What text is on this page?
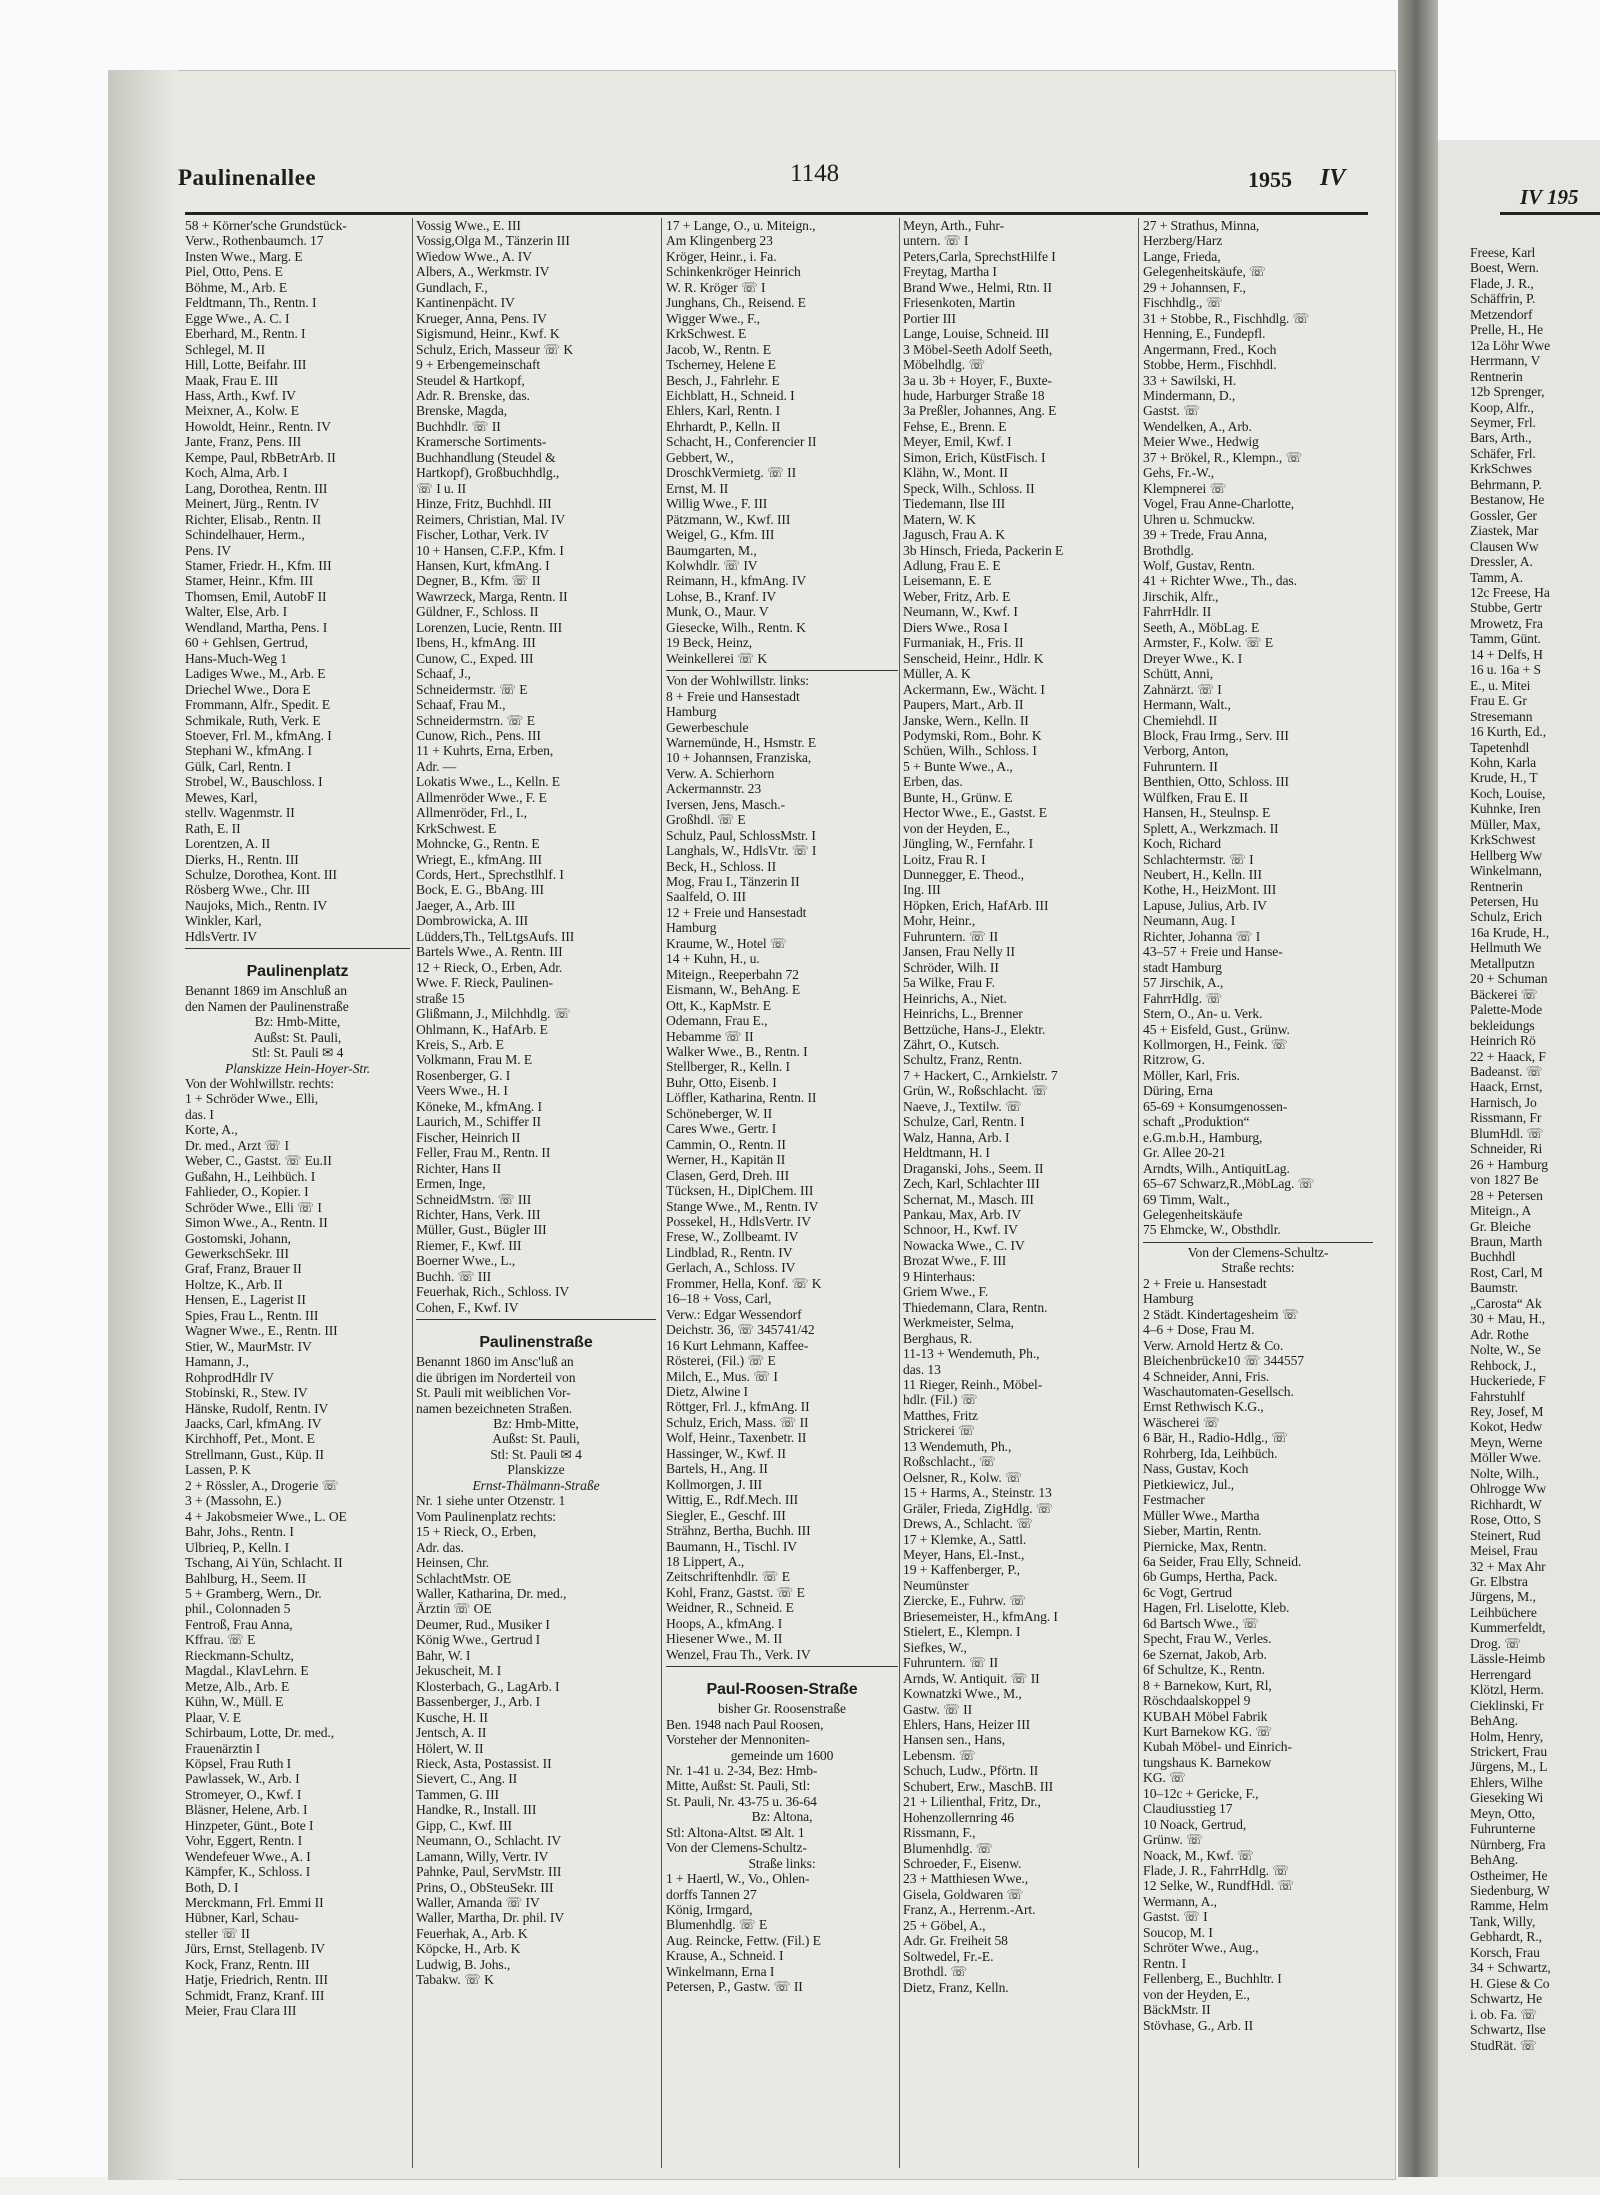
Paulinenallee	1148	1955 IV
IV 195
58 + Körner'sche Grundstück-
Verw., Rothenbaumch. 17
Insten Wwe., Marg. E
Piel, Otto, Pens. E
Böhme, M., Arb. E
Feldtmann, Th., Rentn. I
Egge Wwe., A. C. I
Eberhard, M., Rentn. I
Schlegel, M. II
Hill, Lotte, Beifahr. III
Maak, Frau E. III
Hass, Arth., Kwf. IV
Meixner, A., Kolw. E
Howoldt, Heinr., Rentn. IV
Jante, Franz, Pens. III
Kempe, Paul, RbBetrArb. II
Koch, Alma, Arb. I
Lang, Dorothea, Rentn. III
Meinert, Jürg., Rentn. IV
Richter, Elisab., Rentn. II
Schindelhauer, Herm.,
Pens. IV
Stamer, Friedr. H., Kfm. III
Stamer, Heinr., Kfm. III
Thomsen, Emil, AutobF II
Walter, Else, Arb. I
Wendland, Martha, Pens. I
60 + Gehlsen, Gertrud,
Hans-Much-Weg 1
Ladiges Wwe., M., Arb. E
Driechel Wwe., Dora E
Frommann, Alfr., Spedit. E
Schmikale, Ruth, Verk. E
Stoever, Frl. M., kfmAng. I
Stephani W., kfmAng. I
Gülk, Carl, Rentn. I
Strobel, W., Bauschloss. I
Mewes, Karl,
stellv. Wagenmstr. II
Rath, E. II
Lorentzen, A. II
Dierks, H., Rentn. III
Schulze, Dorothea, Kont. III
Rösberg Wwe., Chr. III
Naujoks, Mich., Rentn. IV
Winkler, Karl,
HdlsVertr. IV
Paulinenplatz
Benannt 1869 im Anschluß an
den Namen der Paulinenstraße
Bz: Hmb-Mitte,
Außst: St. Pauli,
Stl: St. Pauli ✉ 4
Planskizze Hein-Hoyer-Str.
Von der Wohlwillstr. rechts:
1 + Schröder Wwe., Elli,
das. I
Korte, A.,
Dr. med., Arzt ☏ I
Weber, C., Gastst. ☏ Eu.II
Gußahn, H., Leihbüch. I
Fahlieder, O., Kopier. I
Schröder Wwe., Elli ☏ I
Simon Wwe., A., Rentn. II
Gostomski, Johann,
GewerkschSekr. III
Graf, Franz, Brauer II
Holtze, K., Arb. II
Hensen, E., Lagerist II
Spies, Frau L., Rentn. III
Wagner Wwe., E., Rentn. III
Stier, W., MaurMstr. IV
Hamann, J.,
RohprodHdlr IV
Stobinski, R., Stew. IV
Hänske, Rudolf, Rentn. IV
Jaacks, Carl, kfmAng. IV
Kirchhoff, Pet., Mont. E
Strellmann, Gust., Küp. II
Lassen, P. K
2 + Rössler, A., Drogerie ☏
3 + (Massohn, E.)
4 + Jakobsmeier Wwe., L. OE
Bahr, Johs., Rentn. I
Ulbrieq, P., Kelln. I
Tschang, Ai Yün, Schlacht. II
Bahlburg, H., Seem. II
5 + Gramberg, Wern., Dr.
phil., Colonnaden 5
Fentroß, Frau Anna,
Kffrau. ☏ E
Rieckmann-Schultz,
Magdal., KlavLehrn. E
Metze, Alb., Arb. E
Kühn, W., Müll. E
Plaar, V. E
Schirbaum, Lotte, Dr. med.,
Frauenärztin I
Köpsel, Frau Ruth I
Pawlassek, W., Arb. I
Stromeyer, O., Kwf. I
Bläsner, Helene, Arb. I
Hinzpeter, Günt., Bote I
Vohr, Eggert, Rentn. I
Wendefeuer Wwe., A. I
Kämpfer, K., Schloss. I
Both, D. I
Merckmann, Frl. Emmi II
Hübner, Karl, Schau-
steller ☏ II
Jürs, Ernst, Stellagenb. IV
Kock, Franz, Rentn. III
Hatje, Friedrich, Rentn. III
Schmidt, Franz, Kranf. III
Meier, Frau Clara III
Vossig Wwe., E. III
Vossig,Olga M., Tänzerin III
Wiedow Wwe., A. IV
Albers, A., Werkmstr. IV
Gundlach, F.,
Kantinenpächt. IV
Krueger, Anna, Pens. IV
Sigismund, Heinr., Kwf. K
Schulz, Erich, Masseur ☏ K
9 + Erbengemeinschaft
Steudel & Hartkopf,
Adr. R. Brenske, das.
Brenske, Magda,
Buchhdlr. ☏ II
Kramersche Sortiments-
Buchhandlung (Steudel &
Hartkopf), Großbuchhdlg.,
☏ I u. II
Hinze, Fritz, Buchhdl. III
Reimers, Christian, Mal. IV
Fischer, Lothar, Verk. IV
10 + Hansen, C.F.P., Kfm. I
Hansen, Kurt, kfmAng. I
Degner, B., Kfm. ☏ II
Wawrzeck, Marga, Rentn. II
Güldner, F., Schloss. II
Lorenzen, Lucie, Rentn. III
Ibens, H., kfmAng. III
Cunow, C., Exped. III
Schaaf, J.,
Schneidermstr. ☏ E
Schaaf, Frau M.,
Schneidermstrn. ☏ E
Cunow, Rich., Pens. III
11 + Kuhrts, Erna, Erben,
Adr. —
Lokatis Wwe., L., Kelln. E
Allmenröder Wwe., F. E
Allmenröder, Frl., I.,
KrkSchwest. E
Mohncke, G., Rentn. E
Wriegt, E., kfmAng. III
Cords, Hert., Sprechstlhlf. I
Bock, E. G., BbAng. III
Jaeger, A., Arb. III
Dombrowicka, A. III
Lüdders,Th., TelLtgsAufs. III
Bartels Wwe., A. Rentn. III
12 + Rieck, O., Erben, Adr.
Wwe. F. Rieck, Paulinen-
straße 15
Glißmann, J., Milchhdlg. ☏
Ohlmann, K., HafArb. E
Kreis, S., Arb. E
Volkmann, Frau M. E
Rosenberger, G. I
Veers Wwe., H. I
Köneke, M., kfmAng. I
Laurich, M., Schiffer II
Fischer, Heinrich II
Feller, Frau M., Rentn. II
Richter, Hans II
Ermen, Inge,
SchneidMstrn. ☏ III
Richter, Hans, Verk. III
Müller, Gust., Bügler III
Riemer, F., Kwf. III
Boerner Wwe., L.,
Buchh. ☏ III
Feuerhak, Rich., Schloss. IV
Cohen, F., Kwf. IV
Paulinenstraße
Benannt 1860 im Ansc'luß an
die übrigen im Norderteil von
St. Pauli mit weiblichen Vor-
namen bezeichneten Straßen.
Bz: Hmb-Mitte,
Außst: St. Pauli,
Stl: St. Pauli ✉ 4
Planskizze
Ernst-Thälmann-Straße
Nr. 1 siehe unter Otzenstr. 1
Vom Paulinenplatz rechts:
15 + Rieck, O., Erben,
Adr. das.
Heinsen, Chr.
SchlachtMstr. OE
Waller, Katharina, Dr. med.,
Ärztin ☏ OE
Deumer, Rud., Musiker I
König Wwe., Gertrud I
Bahr, W. I
Jekuscheit, M. I
Klosterbach, G., LagArb. I
Bassenberger, J., Arb. I
Kusche, H. II
Jentsch, A. II
Hölert, W. II
Rieck, Asta, Postassist. II
Sievert, C., Ang. II
Tammen, G. III
Handke, R., Install. III
Gipp, C., Kwf. III
Neumann, O., Schlacht. IV
Lamann, Willy, Vertr. IV
Pahnke, Paul, ServMstr. III
Prins, O., ObSteuSekr. III
Waller, Amanda ☏ IV
Waller, Martha, Dr. phil. IV
Feuerhak, A., Arb. K
Köpcke, H., Arb. K
Ludwig, B. Johs.,
Tabakw. ☏ K
17 + Lange, O., u. Miteign.,
Am Klingenberg 23
Kröger, Heinr., i. Fa.
Schinkenkröger Heinrich
W. R. Kröger ☏ I
Junghans, Ch., Reisend. E
Wigger Wwe., F.,
KrkSchwest. E
Jacob, W., Rentn. E
Tscherney, Helene E
Besch, J., Fahrlehr. E
Eichblatt, H., Schneid. I
Ehlers, Karl, Rentn. I
Ehrhardt, P., Kelln. II
Schacht, H., Conferencier II
Gebbert, W.,
DroschkVermietg. ☏ II
Ernst, M. II
Willig Wwe., F. III
Pätzmann, W., Kwf. III
Weigel, G., Kfm. III
Baumgarten, M.,
Kolwhdlr. ☏ IV
Reimann, H., kfmAng. IV
Lohse, B., Kranf. IV
Munk, O., Maur. V
Giesecke, Wilh., Rentn. K
19 Beck, Heinz,
Weinkellerei ☏ K
Von der Wohlwillstr. links:
8 + Freie und Hansestadt
Hamburg
Gewerbeschule
Warnemünde, H., Hsmstr. E
10 + Johannsen, Franziska,
Verw. A. Schierhorn
Ackermannstr. 23
Iversen, Jens, Masch.-
Großhdl. ☏ E
Schulz, Paul, SchlossMstr. I
Langhals, W., HdlsVtr. ☏ I
Beck, H., Schloss. II
Mog, Frau I., Tänzerin II
Saalfeld, O. III
12 + Freie und Hansestadt
Hamburg
Kraume, W., Hotel ☏
14 + Kuhn, H., u.
Miteign., Reeperbahn 72
Eismann, W., BehAng. E
Ott, K., KapMstr. E
Odemann, Frau E.,
Hebamme ☏ II
Walker Wwe., B., Rentn. I
Stellberger, R., Kelln. I
Buhr, Otto, Eisenb. I
Löffler, Katharina, Rentn. II
Schöneberger, W. II
Cares Wwe., Gertr. I
Cammin, O., Rentn. II
Werner, H., Kapitän II
Clasen, Gerd, Dreh. III
Tücksen, H., DiplChem. III
Stange Wwe., M., Rentn. IV
Possekel, H., HdlsVertr. IV
Frese, W., Zollbeamt. IV
Lindblad, R., Rentn. IV
Gerlach, A., Schloss. IV
Frommer, Hella, Konf. ☏ K
16–18 + Voss, Carl,
Verw.: Edgar Wessendorf
Deichstr. 36, ☏ 345741/42
16 Kurt Lehmann, Kaffee-
Rösterei, (Fil.) ☏ E
Milch, E., Mus. ☏ I
Dietz, Alwine I
Röttger, Frl. J., kfmAng. II
Schulz, Erich, Mass. ☏ II
Wolf, Heinr., Taxenbetr. II
Hassinger, W., Kwf. II
Bartels, H., Ang. II
Kollmorgen, J. III
Wittig, E., Rdf.Mech. III
Siegler, E., Geschf. III
Strähnz, Bertha, Buchh. III
Baumann, H., Tischl. IV
18 Lippert, A.,
Zeitschriftenhdlr. ☏ E
Kohl, Franz, Gastst. ☏ E
Weidner, R., Schneid. E
Hoops, A., kfmAng. I
Hiesener Wwe., M. II
Wenzel, Frau Th., Verk. IV
Paul-Roosen-Straße
bisher Gr. Roosenstraße
Ben. 1948 nach Paul Roosen,
Vorsteher der Mennoniten-
gemeinde um 1600
Nr. 1-41 u. 2-34, Bez: Hmb-
Mitte, Außst: St. Pauli, Stl:
St. Pauli, Nr. 43-75 u. 36-64
Bz: Altona,
Stl: Altona-Altst. ✉ Alt. 1
Von der Clemens-Schultz-
Straße links:
1 + Haertl, W., Vo., Ohlen-
dorffs Tannen 27
König, Irmgard,
Blumenhdlg. ☏ E
Aug. Reincke, Fettw. (Fil.) E
Krause, A., Schneid. I
Winkelmann, Erna I
Petersen, P., Gastw. ☏ II
Meyn, Arth., Fuhr-
untern. ☏ I
Peters,Carla, SprechstHilfe I
Freytag, Martha I
Brand Wwe., Helmi, Rtn. II
Friesenkoten, Martin
Portier III
Lange, Louise, Schneid. III
3 Möbel-Seeth Adolf Seeth,
Möbelhdlg. ☏
3a u. 3b + Hoyer, F., Buxte-
hude, Harburger Straße 18
3a Preßler, Johannes, Ang. E
Fehse, E., Brenn. E
Meyer, Emil, Kwf. I
Simon, Erich, KüstFisch. I
Klähn, W., Mont. II
Speck, Wilh., Schloss. II
Tiedemann, Ilse III
Matern, W. K
Jagusch, Frau A. K
3b Hinsch, Frieda, Packerin E
Adlung, Frau E. E
Leisemann, E. E
Weber, Fritz, Arb. E
Neumann, W., Kwf. I
Diers Wwe., Rosa I
Furmaniak, H., Fris. II
Senscheid, Heinr., Hdlr. K
Müller, A. K
Ackermann, Ew., Wächt. I
Paupers, Mart., Arb. II
Janske, Wern., Kelln. II
Podymski, Rom., Bohr. K
Schüen, Wilh., Schloss. I
5 + Bunte Wwe., A.,
Erben, das.
Bunte, H., Grünw. E
Hector Wwe., E., Gastst. E
von der Heyden, E.,
Jüngling, W., Fernfahr. I
Loitz, Frau R. I
Dunnegger, E. Theod.,
Ing. III
Höpken, Erich, HafArb. III
Mohr, Heinr.,
Fuhruntern. ☏ II
Jansen, Frau Nelly II
Schröder, Wilh. II
5a Wilke, Frau F.
Heinrichs, A., Niet.
Heinrichs, L., Brenner
Bettzüche, Hans-J., Elektr.
Zährt, O., Kutsch.
Schultz, Franz, Rentn.
7 + Hackert, C., Arnkielstr. 7
Grün, W., Roßschlacht. ☏
Naeve, J., Textilw. ☏
Schulze, Carl, Rentn. I
Walz, Hanna, Arb. I
Heldtmann, H. I
Draganski, Johs., Seem. II
Zech, Karl, Schlachter III
Schernat, M., Masch. III
Pankau, Max, Arb. IV
Schnoor, H., Kwf. IV
Nowacka Wwe., C. IV
Brozat Wwe., F. III
9 Hinterhaus:
Griem Wwe., F.
Thiedemann, Clara, Rentn.
Werkmeister, Selma,
Berghaus, R.
11-13 + Wendemuth, Ph.,
das. 13
11 Rieger, Reinh., Möbel-
hdlr. (Fil.) ☏
Matthes, Fritz
Strickerei ☏
13 Wendemuth, Ph.,
Roßschlacht., ☏
Oelsner, R., Kolw. ☏
15 + Harms, A., Steinstr. 13
Gräler, Frieda, ZigHdlg. ☏
Drews, A., Schlacht. ☏
17 + Klemke, A., Sattl.
Meyer, Hans, El.-Inst.,
19 + Kaffenberger, P.,
Neumünster
Ziercke, E., Fuhrw. ☏
Briesemeister, H., kfmAng. I
Stielert, E., Klempn. I
Siefkes, W.,
Fuhruntern. ☏ II
Arnds, W. Antiquit. ☏ II
Kownatzki Wwe., M.,
Gastw. ☏ II
Ehlers, Hans, Heizer III
Hansen sen., Hans,
Lebensm. ☏
Schuch, Ludw., Pförtn. II
Schubert, Erw., MaschB. III
21 + Lilienthal, Fritz, Dr.,
Hohenzollernring 46
Rissmann, F.,
Blumenhdlg. ☏
Schroeder, F., Eisenw.
23 + Matthiesen Wwe.,
Gisela, Goldwaren ☏
Franz, A., Herrenm.-Art.
25 + Göbel, A.,
Adr. Gr. Freiheit 58
Soltwedel, Fr.-E.
Brothdl. ☏
Dietz, Franz, Kelln.
27 + Strathus, Minna,
Herzberg/Harz
Lange, Frieda,
Gelegenheitskäufe, ☏
29 + Johannsen, F.,
Fischhdlg., ☏
31 + Stobbe, R., Fischhdlg. ☏
Henning, E., Fundepfl.
Angermann, Fred., Koch
Stobbe, Herm., Fischhdl.
33 + Sawilski, H.
Mindermann, D.,
Gastst. ☏
Wendelken, A., Arb.
Meier Wwe., Hedwig
37 + Brökel, R., Klempn., ☏
Gehs, Fr.-W.,
Klempnerei ☏
Vogel, Frau Anne-Charlotte,
Uhren u. Schmuckw.
39 + Trede, Frau Anna,
Brothdlg.
Wolf, Gustav, Rentn.
41 + Richter Wwe., Th., das.
Jirschik, Alfr.,
FahrrHdlr. II
Seeth, A., MöbLag. E
Armster, F., Kolw. ☏ E
Dreyer Wwe., K. I
Schütt, Anni,
Zahnärzt. ☏ I
Hermann, Walt.,
Chemiehdl. II
Block, Frau Irmg., Serv. III
Verborg, Anton,
Fuhruntern. II
Benthien, Otto, Schloss. III
Wülfken, Frau E. II
Hansen, H., Steulnsp. E
Splett, A., Werkzmach. II
Koch, Richard
Schlachtermstr. ☏ I
Neubert, H., Kelln. III
Kothe, H., HeizMont. III
Lapuse, Julius, Arb. IV
Neumann, Aug. I
Richter, Johanna ☏ I
43–57 + Freie und Hanse-
stadt Hamburg
57 Jirschik, A.,
FahrrHdlg. ☏
Stern, O., An- u. Verk.
45 + Eisfeld, Gust., Grünw.
Kollmorgen, H., Feink. ☏
Ritzrow, G.
Möller, Karl, Fris.
Düring, Erna
65-69 + Konsumgenossen-
schaft „Produktion“
e.G.m.b.H., Hamburg,
Gr. Allee 20-21
Arndts, Wilh., AntiquitLag.
65–67 Schwarz,R.,MöbLag. ☏
69 Timm, Walt.,
Gelegenheitskäufe
75 Ehmcke, W., Obsthdlr.
Von der Clemens-Schultz-
Straße rechts:
2 + Freie u. Hansestadt
Hamburg
2 Städt. Kindertagesheim ☏
4–6 + Dose, Frau M.
Verw. Arnold Hertz & Co.
Bleichenbrücke10 ☏ 344557
4 Schneider, Anni, Fris.
Waschautomaten-Gesellsch.
Ernst Rethwisch K.G.,
Wäscherei ☏
6 Bär, H., Radio-Hdlg., ☏
Rohrberg, Ida, Leihbüch.
Nass, Gustav, Koch
Pietkiewicz, Jul.,
Festmacher
Müller Wwe., Martha
Sieber, Martin, Rentn.
Piernicke, Max, Rentn.
6a Seider, Frau Elly, Schneid.
6b Gumps, Hertha, Pack.
6c Vogt, Gertrud
Hagen, Frl. Liselotte, Kleb.
6d Bartsch Wwe., ☏
Specht, Frau W., Verles.
6e Szernat, Jakob, Arb.
6f Schultze, K., Rentn.
8 + Barnekow, Kurt, Rl,
Röschdaalskoppel 9
KUBAH Möbel Fabrik
Kurt Barnekow KG. ☏
Kubah Möbel- und Einrich-
tungshaus K. Barnekow
KG. ☏
10–12c + Gericke, F.,
Claudiusstieg 17
10 Noack, Gertrud,
Grünw. ☏
Noack, M., Kwf. ☏
Flade, J. R., FahrrHdlg. ☏
12 Selke, W., RundfHdl. ☏
Wermann, A.,
Gastst. ☏ I
Soucop, M. I
Schröter Wwe., Aug.,
Rentn. I
Fellenberg, E., Buchhltr. I
von der Heyden, E.,
BäckMstr. II
Stövhase, G., Arb. II
Freese, Karl
Boest, Wern.
Flade, J. R.,
Schäffrin, P.
Metzendorf
Prelle, H., He
12a Löhr Wwe
Herrmann, V
Rentnerin
12b Sprenger,
Koop, Alfr.,
Seymer, Frl.
Bars, Arth.,
Schäfer, Frl.
KrkSchwes
Behrmann, P.
Bestanow, He
Gossler, Ger
Ziastek, Mar
Clausen Ww
Dressler, A.
Tamm, A.
12c Freese, Ha
Stubbe, Gertr
Mrowetz, Fra
Tamm, Günt.
14 + Delfs, H
16 u. 16a + S
E., u. Mitei
Frau E. Gr
Stresemann
16 Kurth, Ed.,
Tapetenhdl
Kohn, Karla
Krude, H., T
Koch, Louise,
Kuhnke, Iren
Müller, Max,
KrkSchwest
Hellberg Ww
Winkelmann,
Rentnerin
Petersen, Hu
Schulz, Erich
16a Krude, H.,
Hellmuth We
Metallputzn
20 + Schuman
Bäckerei ☏
Palette-Mode
bekleidungs
Heinrich Rö
22 + Haack, F
Badeanst. ☏
Haack, Ernst,
Harnisch, Jo
Rissmann, Fr
BlumHdl. ☏
Schneider, Ri
26 + Hamburg
von 1827 Be
28 + Petersen
Miteign., A
Gr. Bleiche
Braun, Marth
Buchhdl
Rost, Carl, M
Baumstr.
„Carosta“ Ak
30 + Mau, H.,
Adr. Rothe
Nolte, W., Se
Rehbock, J.,
Huckeriede, F
Fahrstuhlf
Rey, Josef, M
Kokot, Hedw
Meyn, Werne
Möller Wwe.
Nolte, Wilh.,
Ohlrogge Ww
Richhardt, W
Rose, Otto, S
Steinert, Rud
Meisel, Frau
32 + Max Ahr
Gr. Elbstra
Jürgens, M.,
Leihbüchere
Kummerfeldt,
Drog. ☏
Lässle-Heimb
Herrengard
Klötzl, Herm.
Cieklinski, Fr
BehAng.
Holm, Henry,
Strickert, Frau
Jürgens, M., L
Ehlers, Wilhe
Gieseking Wi
Meyn, Otto,
Fuhrunterne
Nürnberg, Fra
BehAng.
Ostheimer, He
Siedenburg, W
Ramme, Helm
Tank, Willy,
Gebhardt, R.,
Korsch, Frau
34 + Schwartz,
H. Giese & Co
Schwartz, He
i. ob. Fa. ☏
Schwartz, Ilse
StudRät. ☏
